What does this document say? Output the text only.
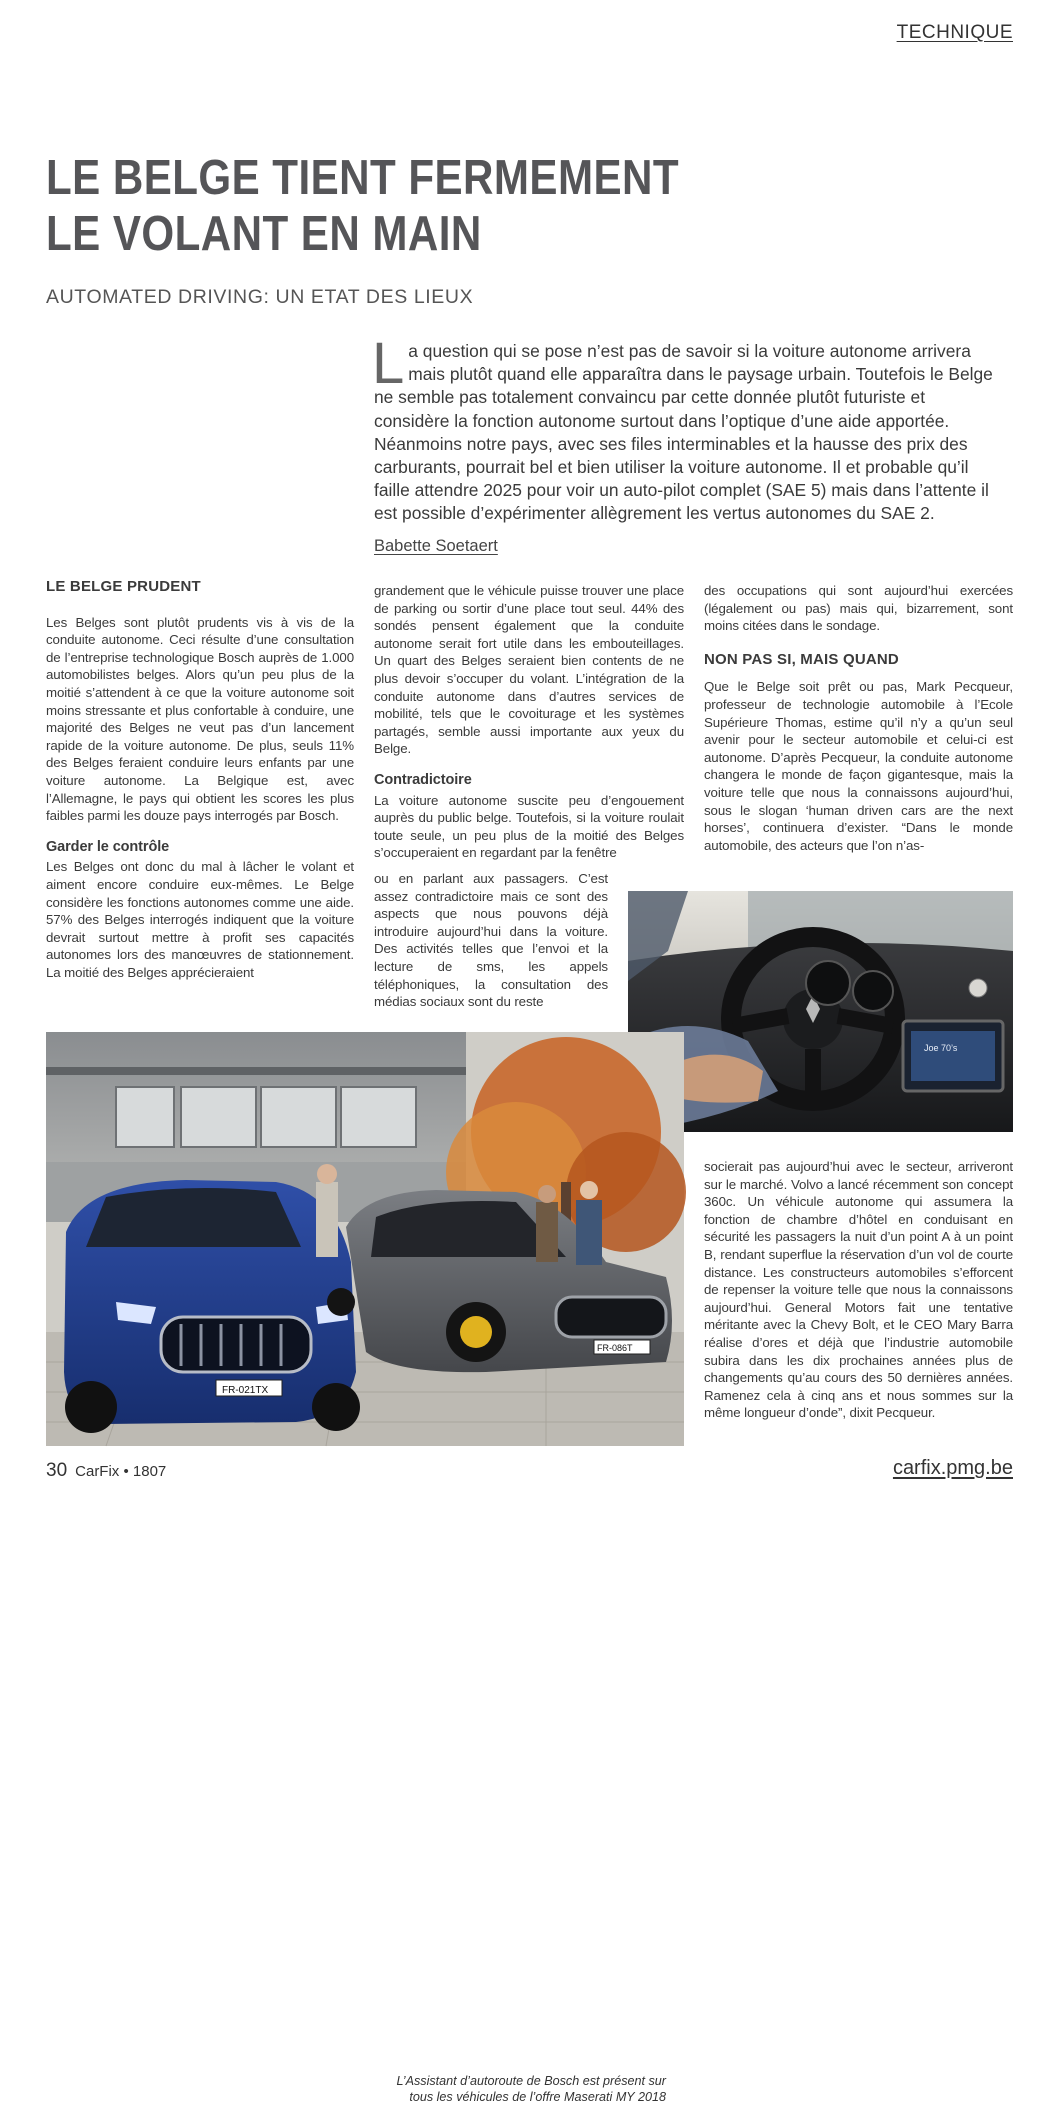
TECHNIQUE
LE BELGE TIENT FERMEMENT
LE VOLANT EN MAIN
AUTOMATED DRIVING: UN ETAT DES LIEUX
La question qui se pose n’est pas de savoir si la voiture autonome arrivera mais plutôt quand elle apparaîtra dans le paysage urbain. Toutefois le Belge ne semble pas totalement convaincu par cette donnée plutôt futuriste et considère la fonction autonome surtout dans l’optique d’une aide apportée. Néanmoins notre pays, avec ses files interminables et la hausse des prix des carburants, pourrait bel et bien utiliser la voiture autonome. Il et probable qu’il faille attendre 2025 pour voir un auto-pilot complet (SAE 5) mais dans l’attente il est possible d’expérimenter allègrement les vertus autonomes du SAE 2.
Babette Soetaert
LE BELGE PRUDENT

Les Belges sont plutôt prudents vis à vis de la conduite autonome. Ceci résulte d’une consultation de l’entreprise technologique Bosch auprès de 1.000 automobilistes belges. Alors qu’un peu plus de la moitié s’attendent à ce que la voiture autonome soit moins stressante et plus confortable à conduire, une majorité des Belges ne veut pas d’un lancement rapide de la voiture autonome. De plus, seuls 11% des Belges feraient conduire leurs enfants par une voiture autonome. La Belgique est, avec l’Allemagne, le pays qui obtient les scores les plus faibles parmi les douze pays interrogés par Bosch.

Garder le contrôle

Les Belges ont donc du mal à lâcher le volant et aiment encore conduire eux-mêmes. Le Belge considère les fonctions autonomes comme une aide. 57% des Belges interrogés indiquent que la voiture devrait surtout mettre à profit ses capacités autonomes lors des manœuvres de stationnement. La moitié des Belges apprécieraient

grandement que le véhicule puisse trouver une place de parking ou sortir d’une place tout seul. 44% des sondés pensent également que la conduite autonome serait fort utile dans les embouteillages. Un quart des Belges seraient bien contents de ne plus devoir s’occuper du volant. L’intégration de la conduite autonome dans d’autres services de mobilité, tels que le covoiturage et les systèmes partagés, semble aussi importante aux yeux du Belge.

Contradictoire

La voiture autonome suscite peu d’engouement auprès du public belge. Toutefois, si la voiture roulait toute seule, un peu plus de la moitié des Belges s’occuperaient en regardant par la fenêtre

ou en parlant aux passagers. C’est assez contradictoire mais ce sont des aspects que nous pouvons déjà introduire aujourd’hui dans la voiture. Des activités telles que l’envoi et la lecture de sms, les appels téléphoniques, la consultation des médias sociaux sont du reste

des occupations qui sont aujourd’hui exercées (légalement ou pas) mais qui, bizarrement, sont moins citées dans le sondage.

NON PAS SI, MAIS QUAND

Que le Belge soit prêt ou pas, Mark Pecqueur, professeur de technologie automobile à l’Ecole Supérieure Thomas, estime qu’il n’y a qu’un seul avenir pour le secteur automobile et celui-ci est autonome. D’après Pecqueur, la conduite autonome changera le monde de façon gigantesque, mais la voiture telle que nous la connaissons aujourd’hui, sous le slogan ‘human driven cars are the next horses’, continuera d’exister. “Dans le monde automobile, des acteurs que l’on n’as-

Joe 70’s
FR-021TX
FR-086T
L’Assistant d’autoroute de Bosch est présent sur tous les véhicules de l’offre Maserati MY 2018

socierait pas aujourd’hui avec le secteur, arriveront sur le marché. Volvo a lancé récemment son concept 360c. Un véhicule autonome qui assumera la fonction de chambre d’hôtel en conduisant en sécurité les passagers la nuit d’un point A à un point B, rendant superflue la réservation d’un vol de courte distance. Les constructeurs automobiles s’efforcent de repenser la voiture telle que nous la connaissons aujourd’hui. General Motors fait une tentative méritante avec la Chevy Bolt, et le CEO Mary Barra réalise d’ores et déjà que l’industrie automobile subira dans les dix prochaines années plus de changements qu’au cours des 50 dernières années. Ramenez cela à cinq ans et nous sommes sur la même longueur d’onde”, dixit Pecqueur.

30 CarFix • 1807	carfix.pmg.be
